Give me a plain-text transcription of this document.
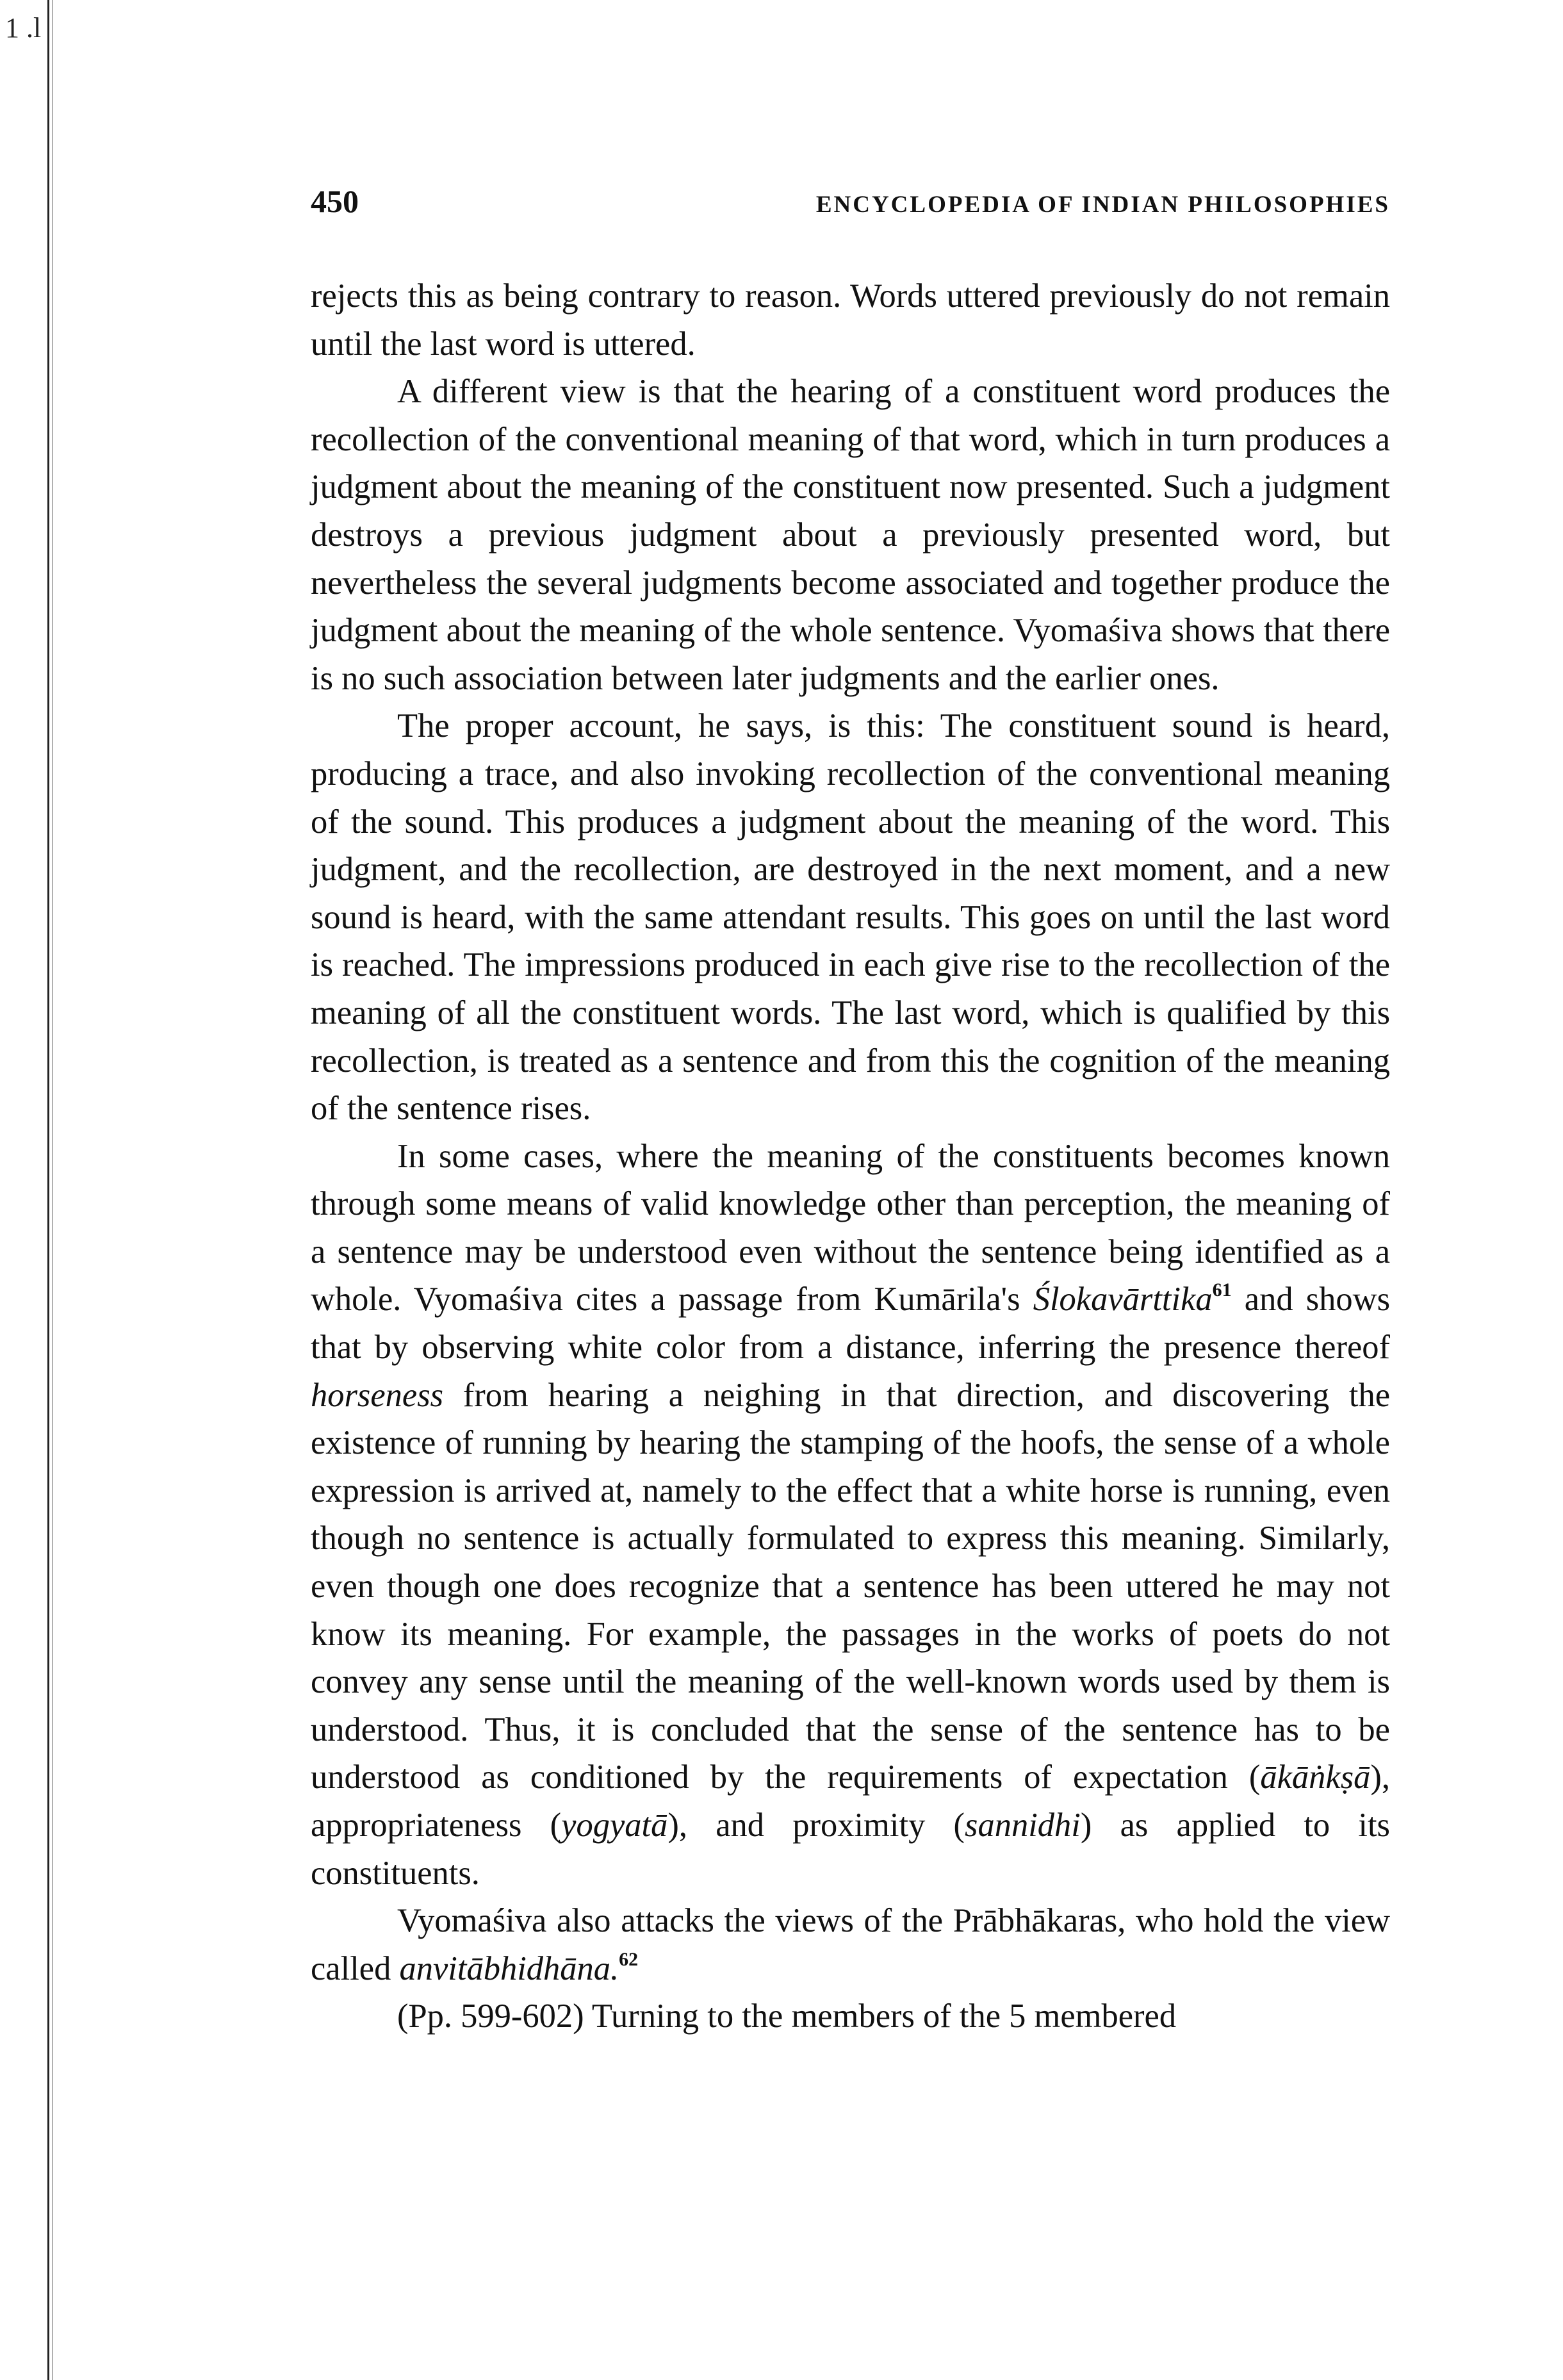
1 .l
450	ENCYCLOPEDIA OF INDIAN PHILOSOPHIES

rejects this as being contrary to reason. Words uttered previously do not remain until the last word is uttered.

A different view is that the hearing of a constituent word produces the recollection of the conventional meaning of that word, which in turn produces a judgment about the meaning of the constituent now presented. Such a judgment destroys a previous judgment about a previously presented word, but nevertheless the several judgments become associated and together produce the judgment about the meaning of the whole sentence. Vyomaśiva shows that there is no such association between later judgments and the earlier ones.

The proper account, he says, is this: The constituent sound is heard, producing a trace, and also invoking recollection of the conventional meaning of the sound. This produces a judgment about the meaning of the word. This judgment, and the recollection, are destroyed in the next moment, and a new sound is heard, with the same attendant results. This goes on until the last word is reached. The impressions produced in each give rise to the recollection of the meaning of all the constituent words. The last word, which is qualified by this recollection, is treated as a sentence and from this the cognition of the meaning of the sentence rises.

In some cases, where the meaning of the constituents becomes known through some means of valid knowledge other than perception, the meaning of a sentence may be understood even without the sentence being identified as a whole. Vyomaśiva cites a passage from Kumārila's Ślokavārttika$^{61}$ and shows that by observing white color from a distance, inferring the presence thereof horseness from hearing a neighing in that direction, and discovering the existence of running by hearing the stamping of the hoofs, the sense of a whole expression is arrived at, namely to the effect that a white horse is running, even though no sentence is actually formulated to express this meaning. Similarly, even though one does recognize that a sentence has been uttered he may not know its meaning. For example, the passages in the works of poets do not convey any sense until the meaning of the well-known words used by them is understood. Thus, it is concluded that the sense of the sentence has to be understood as conditioned by the requirements of expectation (ākāṅkṣā), appropriateness (yogyatā), and proximity (sannidhi) as applied to its constituents.

Vyomaśiva also attacks the views of the Prābhākaras, who hold the view called anvitābhidhāna.$^{62}$

(Pp. 599-602) Turning to the members of the 5 membered
